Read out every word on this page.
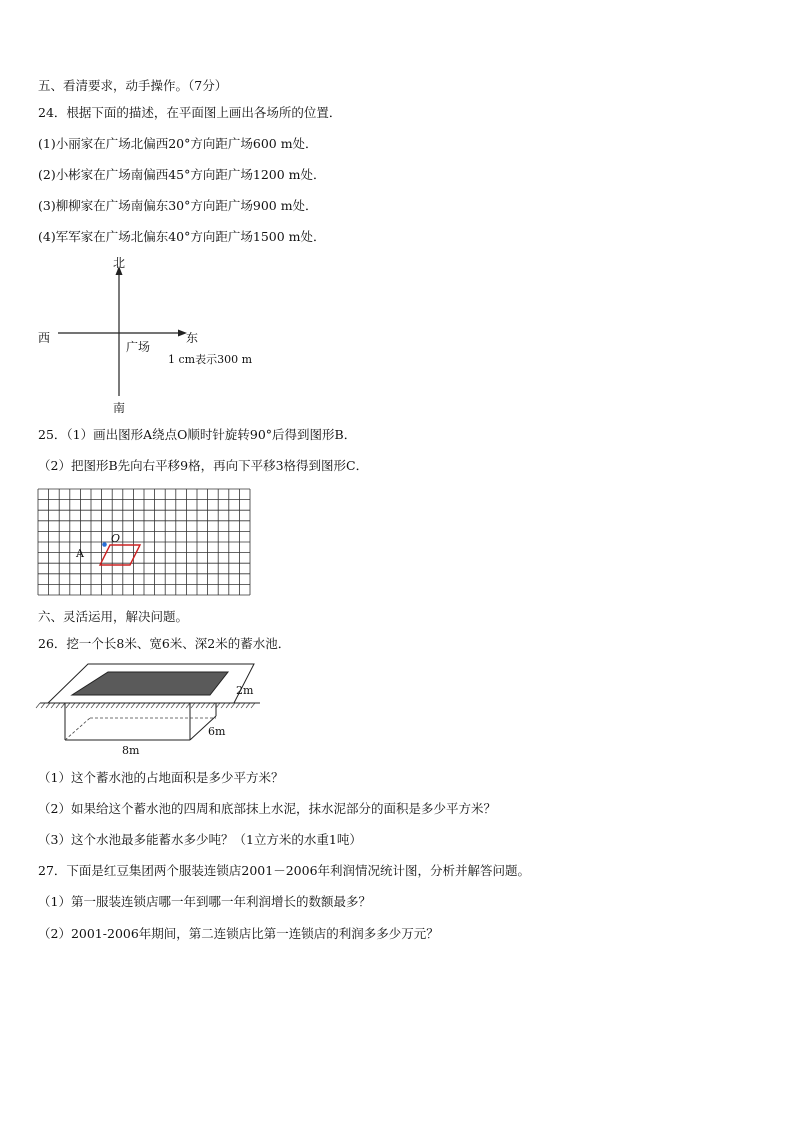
五、看清要求，动手操作。（7分）
24．根据下面的描述，在平面图上画出各场所的位置．
(1)小丽家在广场北偏西20°方向距广场600 m处．
(2)小彬家在广场南偏西45°方向距广场1200 m处．
(3)柳柳家在广场南偏东30°方向距广场900 m处．
(4)军军家在广场北偏东40°方向距广场1500 m处．
北
南
东
西
广场
1 cm表示300 m
25．（1）画出图形A绕点O顺时针旋转90°后得到图形B．
（2）把图形B先向右平移9格，再向下平移3格得到图形C．
A
O
六、灵活运用，解决问题。
26．挖一个长8米、宽6米、深2米的蓄水池．
2m
6m
8m
（1）这个蓄水池的占地面积是多少平方米？
（2）如果给这个蓄水池的四周和底部抹上水泥，抹水泥部分的面积是多少平方米？
（3）这个水池最多能蓄水多少吨？（1立方米的水重1吨）
27．下面是红豆集团两个服装连锁店2001－2006年利润情况统计图，分析并解答问题。
（1）第一服装连锁店哪一年到哪一年利润增长的数额最多？
（2）2001-2006年期间，第二连锁店比第一连锁店的利润多多少万元？
